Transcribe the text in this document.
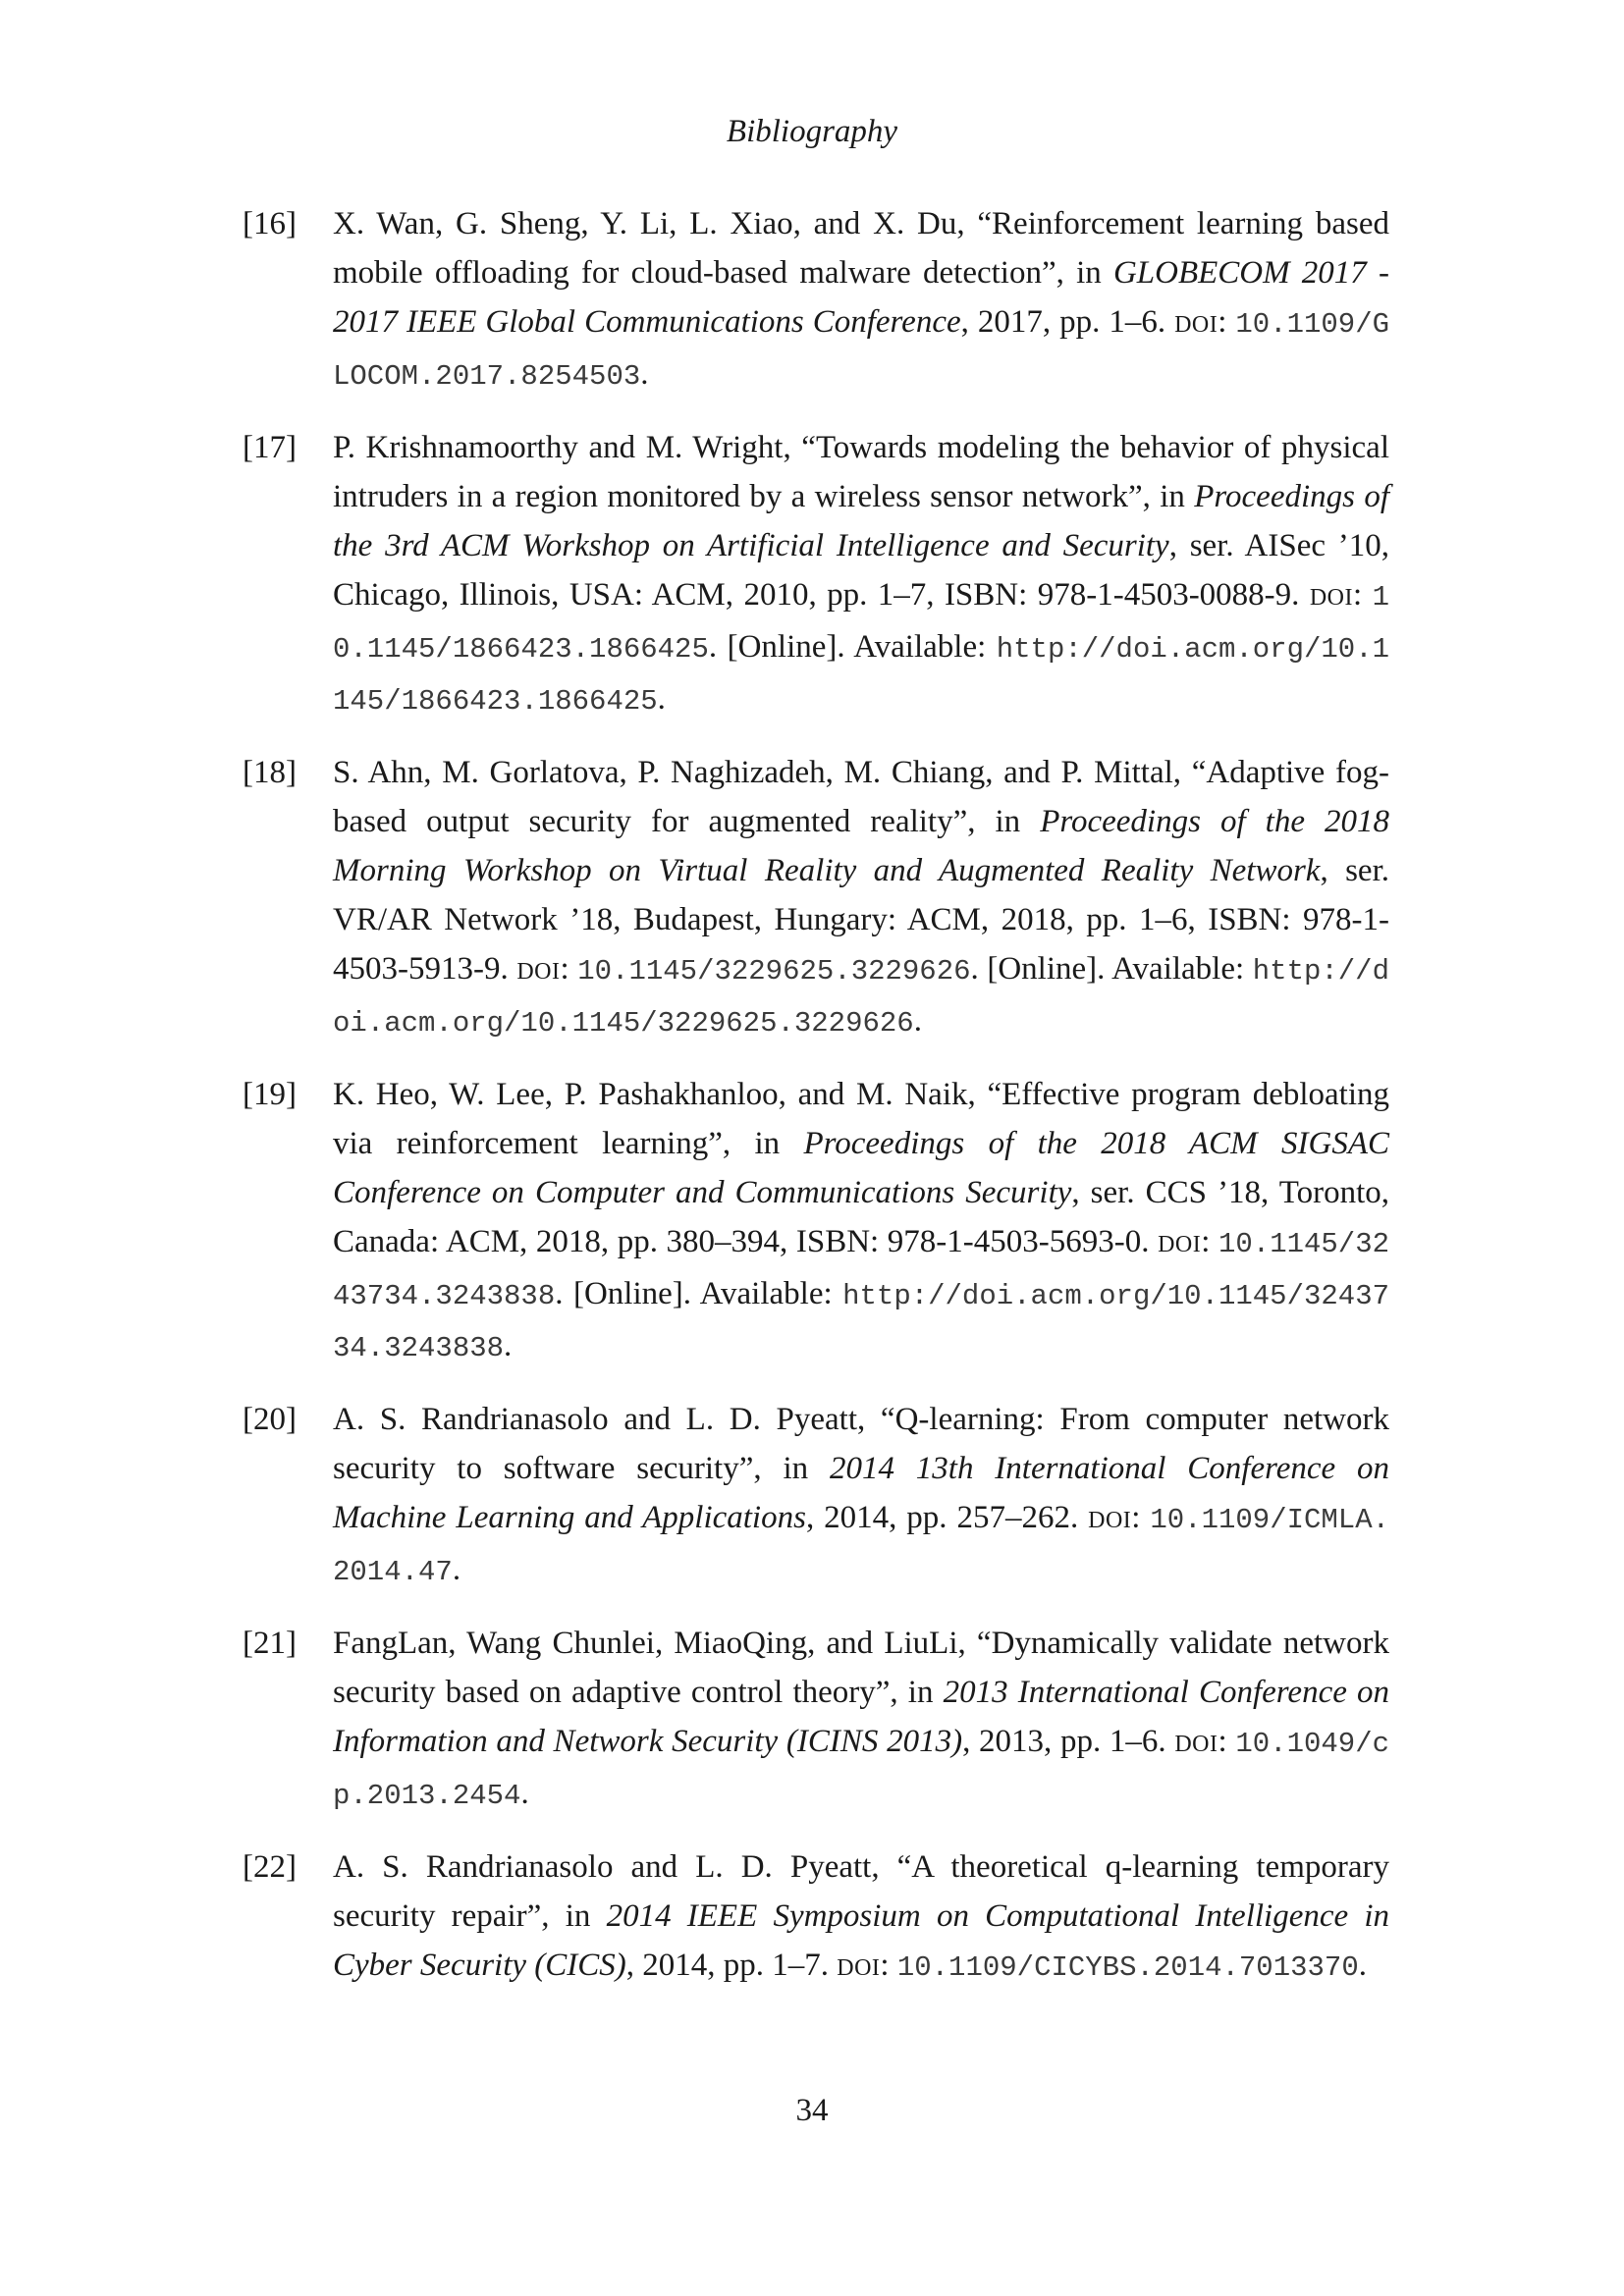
Bibliography
[16]	X. Wan, G. Sheng, Y. Li, L. Xiao, and X. Du, “Reinforcement learning based mobile offloading for cloud-based malware detection”, in GLOBECOM 2017 - 2017 IEEE Global Communications Conference, 2017, pp. 1–6. DOI: 10.1109/GLOCOM.2017.8254503.
[17]	P. Krishnamoorthy and M. Wright, “Towards modeling the behavior of physical intruders in a region monitored by a wireless sensor network”, in Proceedings of the 3rd ACM Workshop on Artificial Intelligence and Security, ser. AISec ’10, Chicago, Illinois, USA: ACM, 2010, pp. 1–7, ISBN: 978-1-4503-0088-9. DOI: 10.1145/1866423.1866425. [Online]. Available: http://doi.acm.org/10.1145/1866423.1866425.
[18]	S. Ahn, M. Gorlatova, P. Naghizadeh, M. Chiang, and P. Mittal, “Adaptive fog-based output security for augmented reality”, in Proceedings of the 2018 Morning Workshop on Virtual Reality and Augmented Reality Network, ser. VR/AR Network ’18, Budapest, Hungary: ACM, 2018, pp. 1–6, ISBN: 978-1-4503-5913-9. DOI: 10.1145/3229625.3229626. [Online]. Available: http://doi.acm.org/10.1145/3229625.3229626.
[19]	K. Heo, W. Lee, P. Pashakhanloo, and M. Naik, “Effective program debloating via reinforcement learning”, in Proceedings of the 2018 ACM SIGSAC Conference on Computer and Communications Security, ser. CCS ’18, Toronto, Canada: ACM, 2018, pp. 380–394, ISBN: 978-1-4503-5693-0. DOI: 10.1145/3243734.3243838. [Online]. Available: http://doi.acm.org/10.1145/3243734.3243838.
[20]	A. S. Randrianasolo and L. D. Pyeatt, “Q-learning: From computer network security to software security”, in 2014 13th International Conference on Machine Learning and Applications, 2014, pp. 257–262. DOI: 10.1109/ICMLA.2014.47.
[21]	FangLan, Wang Chunlei, MiaoQing, and LiuLi, “Dynamically validate network security based on adaptive control theory”, in 2013 International Conference on Information and Network Security (ICINS 2013), 2013, pp. 1–6. DOI: 10.1049/cp.2013.2454.
[22]	A. S. Randrianasolo and L. D. Pyeatt, “A theoretical q-learning temporary security repair”, in 2014 IEEE Symposium on Computational Intelligence in Cyber Security (CICS), 2014, pp. 1–7. DOI: 10.1109/CICYBS.2014.7013370.
34
